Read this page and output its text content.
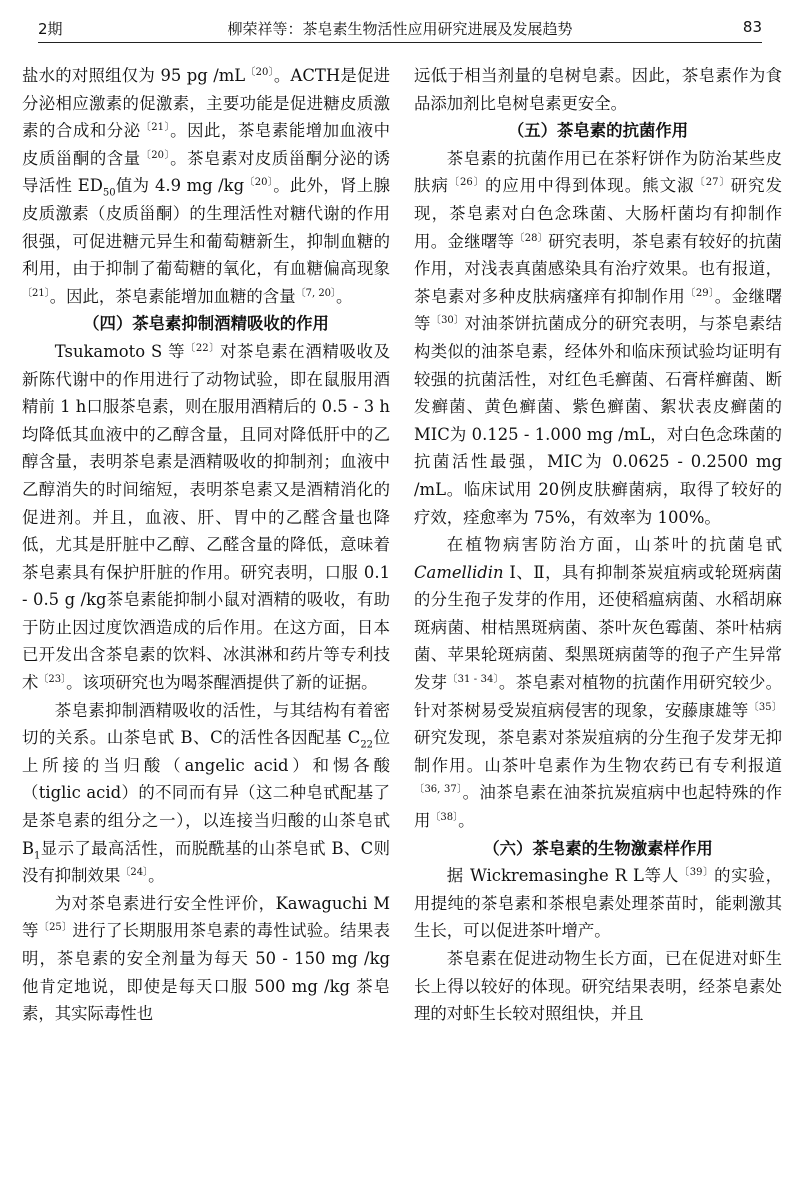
2期	柳荣祥等：茶皂素生物活性应用研究进展及发展趋势	83

盐水的对照组仅为 95 pg $/mL^{〔20〕}$。ACTH是促进分泌相应激素的促激素，主要功能是促进糖皮质激素的合成和分泌$^{〔21〕}$。因此，茶皂素能增加血液中皮质甾酮的含量$^{〔20〕}$。茶皂素对皮质甾酮分泌的诱导活性 $ED_{50}$值为 4.9 mg $/kg^{〔20〕}$。此外，肾上腺皮质激素（皮质甾酮）的生理活性对糖代谢的作用很强，可促进糖元异生和葡萄糖新生，抑制血糖的利用，由于抑制了葡萄糖的氧化，有血糖偏高现象$^{〔21〕}$。因此，茶皂素能增加血糖的含量$^{〔7, 20〕}$。

（四）茶皂素抑制酒精吸收的作用

Tsukamoto S 等$^{〔22〕}$对茶皂素在酒精吸收及新陈代谢中的作用进行了动物试验，即在鼠服用酒精前 1 h口服茶皂素，则在服用酒精后的 0.5 - 3 h均降低其血液中的乙醇含量，且同对降低肝中的乙醇含量，表明茶皂素是酒精吸收的抑制剂；血液中乙醇消失的时间缩短，表明茶皂素又是酒精消化的促进剂。并且，血液、肝、胃中的乙醛含量也降低，尤其是肝脏中乙醇、乙醛含量的降低，意味着茶皂素具有保护肝脏的作用。研究表明，口服 0.1 - 0.5 g /kg茶皂素能抑制小鼠对酒精的吸收，有助于防止因过度饮酒造成的后作用。在这方面，日本已开发出含茶皂素的饮料、冰淇淋和药片等专利技术$^{〔23〕}$。该项研究也为喝茶醒酒提供了新的证据。

茶皂素抑制酒精吸收的活性，与其结构有着密切的关系。山茶皂甙 B、C的活性各因配基 $C_{22}$位上所接的当归酸（angelic acid）和惕各酸（tiglic acid）的不同而有异（这二种皂甙配基了是茶皂素的组分之一），以连接当归酸的山茶皂甙 $B_1$显示了最高活性，而脱酰基的山茶皂甙 B、C则没有抑制效果$^{〔24〕}$。

为对茶皂素进行安全性评价，Kawaguchi M 等$^{〔25〕}$进行了长期服用茶皂素的毒性试验。结果表明，茶皂素的安全剂量为每天 50 - 150 mg /kg 他肯定地说，即使是每天口服 500 mg /kg 茶皂素，其实际毒性也

远低于相当剂量的皂树皂素。因此，茶皂素作为食品添加剂比皂树皂素更安全。

（五）茶皂素的抗菌作用

茶皂素的抗菌作用已在茶籽饼作为防治某些皮肤病$^{〔26〕}$的应用中得到体现。熊文淑$^{〔27〕}$研究发现，茶皂素对白色念珠菌、大肠杆菌均有抑制作用。金继曙等$^{〔28〕}$研究表明，茶皂素有较好的抗菌作用，对浅表真菌感染具有治疗效果。也有报道，茶皂素对多种皮肤病瘙痒有抑制作用$^{〔29〕}$。金继曙等$^{〔30〕}$对油茶饼抗菌成分的研究表明，与茶皂素结构类似的油茶皂素，经体外和临床预试验均证明有较强的抗菌活性，对红色毛癣菌、石膏样癣菌、断发癣菌、黄色癣菌、紫色癣菌、絮状表皮癣菌的 MIC为 0.125 - 1.000 mg /mL，对白色念珠菌的抗菌活性最强，MIC为 0.0625 - 0.2500 mg /mL。临床试用 20例皮肤癣菌病，取得了较好的疗效，痊愈率为 75%，有效率为 100%。

在植物病害防治方面，山茶叶的抗菌皂甙 Camellidin Ⅰ、Ⅱ，具有抑制茶炭疽病或轮斑病菌的分生孢子发芽的作用，还使稻瘟病菌、水稻胡麻斑病菌、柑桔黑斑病菌、茶叶灰色霉菌、茶叶枯病菌、苹果轮斑病菌、梨黑斑病菌等的孢子产生异常发芽$^{〔31 - 34〕}$。茶皂素对植物的抗菌作用研究较少。针对茶树易受炭疽病侵害的现象，安藤康雄等$^{〔35〕}$研究发现，茶皂素对茶炭疽病的分生孢子发芽无抑制作用。山茶叶皂素作为生物农药已有专利报道$^{〔36, 37〕}$。油茶皂素在油茶抗炭疽病中也起特殊的作用$^{〔38〕}$。

（六）茶皂素的生物激素样作用

据 Wickremasinghe R L等人$^{〔39〕}$的实验，用提纯的茶皂素和茶根皂素处理茶苗时，能刺激其生长，可以促进茶叶增产。

茶皂素在促进动物生长方面，已在促进对虾生长上得以较好的体现。研究结果表明，经茶皂素处理的对虾生长较对照组快，并且
